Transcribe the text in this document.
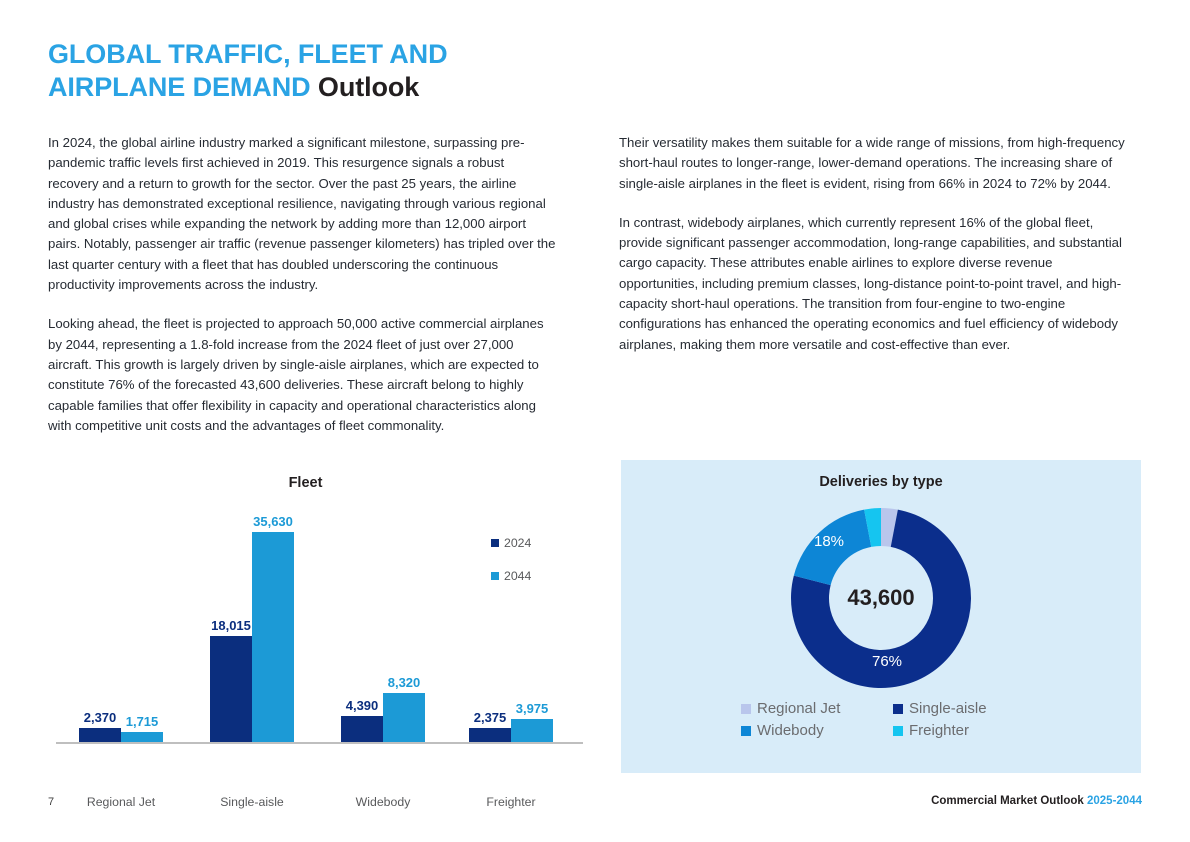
GLOBAL TRAFFIC, FLEET AND
AIRPLANE DEMAND Outlook

In 2024, the global airline industry marked a significant milestone, surpassing pre-pandemic traffic levels first achieved in 2019. This resurgence signals a robust recovery and a return to growth for the sector. Over the past 25 years, the airline industry has demonstrated exceptional resilience, navigating through various regional and global crises while expanding the network by adding more than 12,000 airport pairs. Notably, passenger air traffic (revenue passenger kilometers) has tripled over the last quarter century with a fleet that has doubled underscoring the continuous productivity improvements across the industry.

Looking ahead, the fleet is projected to approach 50,000 active commercial airplanes by 2044, representing a 1.8-fold increase from the 2024 fleet of just over 27,000 aircraft. This growth is largely driven by single-aisle airplanes, which are expected to constitute 76% of the forecasted 43,600 deliveries. These aircraft belong to highly capable families that offer flexibility in capacity and operational characteristics along with competitive unit costs and the advantages of fleet commonality.

Their versatility makes them suitable for a wide range of missions, from high-frequency short-haul routes to longer-range, lower-demand operations. The increasing share of single-aisle airplanes in the fleet is evident, rising from 66% in 2024 to 72% by 2044.

In contrast, widebody airplanes, which currently represent 16% of the global fleet, provide significant passenger accommodation, long-range capabilities, and substantial cargo capacity. These attributes enable airlines to explore diverse revenue opportunities, including premium classes, long-distance point-to-point travel, and high-capacity short-haul operations. The transition from four-engine to two-engine configurations has enhanced the operating economics and fuel efficiency of widebody airplanes, making them more versatile and cost-effective than ever.

Fleet
2,370 1,715
Regional Jet
18,015
35,630
Single-aisle
4,390
8,320
Widebody
2,375
3,975
Freighter
2024
2044
Deliveries by type
43,600
18%
76%
Regional Jet	Single-aisle
Widebody	Freighter
7	Commercial Market Outlook 2025-2044
